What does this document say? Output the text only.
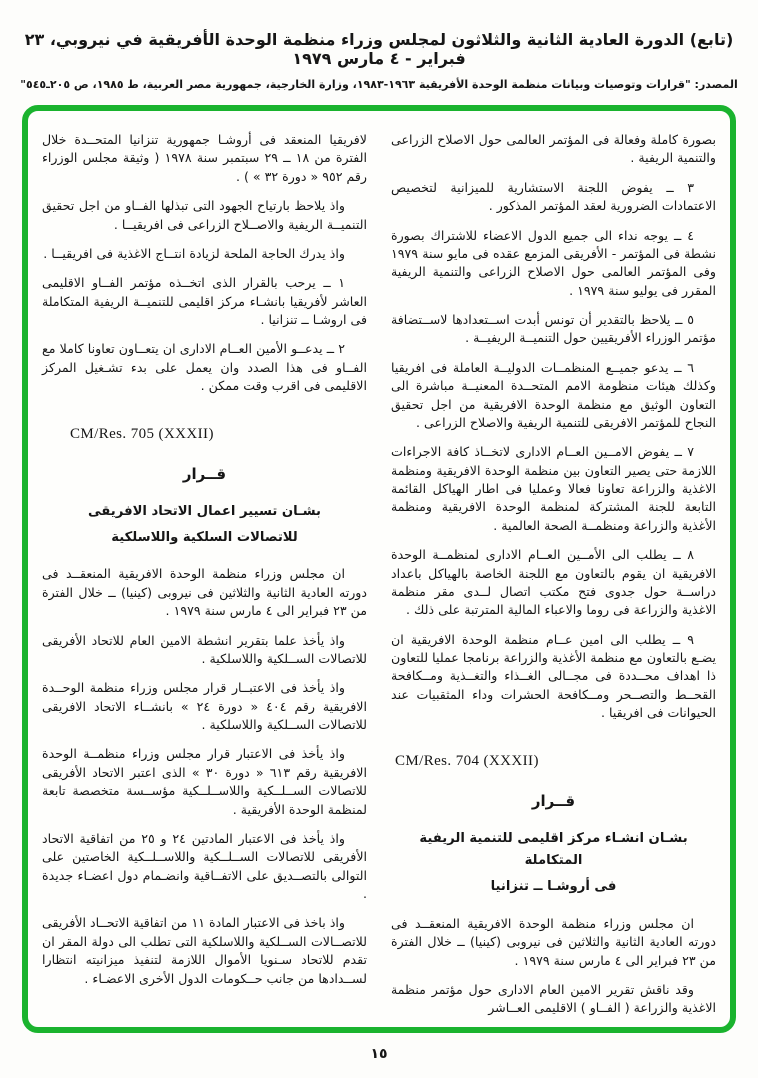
(تابع) الدورة العادية الثانية والثلاثون لمجلس وزراء منظمة الوحدة الأفريقية في نيروبي، ٢٣ فبراير - ٤ مارس ١٩٧٩
المصدر: "قرارات وتوصيات وبيانات منظمة الوحدة الأفريقية ١٩٦٣-١٩٨٣، وزارة الخارجية، جمهورية مصر العربية، ط ١٩٨٥، ص ٢٠٥ـ٥٤٥"

بصورة كاملة وفعالة فى المؤتمر العالمى حول الاصلاح الزراعى والتنمية الريفية .

٣ ــ يفوض اللجنة الاستشارية للميزانية لتخصيص الاعتمادات الضرورية لعقد المؤتمر المذكور .

٤ ــ يوجه نداء الى جميع الدول الاعضاء للاشتراك بصورة نشطة فى المؤتمر - الأفريقى المزمع عقده فى مايو سنة ١٩٧٩ وفى المؤتمر العالمى حول الاصلاح الزراعى والتنمية الريفية المقرر فى يوليو سنة ١٩٧٩ .

٥ ــ يلاحظ بالتقدير أن تونس أبدت اســتعدادها لاســتضافة مؤتمر الوزراء الأفريقيين حول التنميــة الريفيــة .

٦ ــ يدعو جميــع المنظمــات الدوليــة العاملة فى افريقيا وكذلك هيئات منظومة الامم المتحــدة المعنيــة مباشرة الى التعاون الوثيق مع منظمة الوحدة الافريقية من اجل تحقيق النجاح للمؤتمر الافريقى للتنمية الريفية والاصلاح الزراعى .

٧ ــ يفوض الامــين العــام الادارى لاتخــاذ كافة الاجراءات اللازمة حتى يصير التعاون بين منظمة الوحدة الافريقية ومنظمة الاغذية والزراعة تعاونا فعالا وعمليا فى اطار الهياكل القائمة التابعة للجنة المشتركة لمنظمة الوحدة الافريقية ومنظمة الأغذية والزراعة ومنظمــة الصحة العالمية .

٨ ــ يطلب الى الأمــين العــام الادارى لمنظمــة الوحدة الافريقية ان يقوم بالتعاون مع اللجنة الخاصة بالهياكل باعداد دراســة حول جدوى فتح مكتب اتصال لــدى مقر منظمة الاغذية والزراعة فى روما والاعباء المالية المترتبة على ذلك .

٩ ــ يطلب الى امين عــام منظمة الوحدة الافريقية ان يضـع بالتعاون مع منظمة الأغذية والزراعة برنامجا عمليا للتعاون ذا اهداف محــددة فى مجــالى الغــذاء والتغــذية ومــكافحة القحــط والتصــحر ومــكافحة الحشرات وداء المثقبيات عند الحيوانات فى افريقيا .

CM/Res. 704 (XXXII)

قــرار

بشـان انشـاء مركز اقليمى للتنمية الريفية المتكاملة

فى أروشـا ــ تنزانيا

ان مجلس وزراء منظمة الوحدة الافريقية المنعقــد فى دورته العادية الثانية والثلاثين فى نيروبى (كينيا) ــ خلال الفترة من ٢٣ فبراير الى ٤ مارس سنة ١٩٧٩ .

وقد ناقش تقرير الامين العام الادارى حول مؤتمر منظمة الاغذية والزراعة ( الفــاو ) الاقليمى العــاشر

لافريقيا المنعقد فى أروشـا جمهورية تنزانيا المتحــدة خلال الفترة من ١٨ ــ ٢٩ سبتمبر سنة ١٩٧٨ ( وثيقة مجلس الوزراء رقم ٩٥٢ « دورة ٣٢ » ) .

واذ يلاحظ بارتياح الجهود التى تبذلها الفــاو من اجل تحقيق التنميــة الريفية والاصــلاح الزراعى فى افريقيــا .

واذ يدرك الحاجة الملحة لزيادة انتــاج الاغذية فى افريقيــا .

١ ــ يرحب بالقرار الذى اتخــذه مؤتمر الفــاو الاقليمى العاشر لأفريقيا بانشـاء مركز اقليمى للتنميــة الريفية المتكاملة فى اروشـا ــ تنزانيا .

٢ ــ يدعــو الأمين العــام الادارى ان يتعــاون تعاونا كاملا مع الفــاو فى هذا الصدد وان يعمل على بدء تشـغيل المركز الاقليمى فى اقرب وقت ممكن .

CM/Res. 705 (XXXII)

قــرار

بشـان تسيير اعمال الاتحاد الافريقى

للاتصالات السلكية واللاسلكية

ان مجلس وزراء منظمة الوحدة الافريقية المنعقــد فى دورته العادية الثانية والثلاثين فى نيروبى (كينيا) ــ خلال الفترة من ٢٣ فبراير الى ٤ مارس سنة ١٩٧٩ .

واذ يأخذ علما بتقرير انشطة الامين العام للاتحاد الأفريقى للاتصالات الســلكية واللاسلكية .

واذ يأخذ فى الاعتبــار قرار مجلس وزراء منظمة الوحــدة الافريقية رقم ٤٠٤ « دورة ٢٤ » بانشــاء الاتحاد الافريقى للاتصالات الســلكية واللاسلكية .

واذ يأخذ فى الاعتبار قرار مجلس وزراء منظمــة الوحدة الافريقية رقم ٦١٣ « دورة ٣٠ » الذى اعتبر الاتحاد الأفريقى للاتصالات الســلــكية واللاســلــكية مؤســسة متخصصة تابعة لمنظمة الوحدة الأفريقية .

واذ يأخذ فى الاعتبار المادتين ٢٤ و ٢٥ من اتفاقية الاتحاد الأفريقى للاتصالات الســلــكية واللاســلــكية الخاصتين على التوالى بالتصــديق على الاتفــاقية وانضـمام دول اعضـاء جديدة .

واذ باخذ فى الاعتبار المادة ١١ من اتفاقية الاتحــاد الأفريقى للاتصــالات الســلكية واللاسلكية التى تطلب الى دولة المقر ان تقدم للاتحاد سـنويا الأموال اللازمة لتنفيذ ميزانيته انتظارا لســدادها من جانب حــكومات الدول الأخرى الاعضـاء .

١٥
